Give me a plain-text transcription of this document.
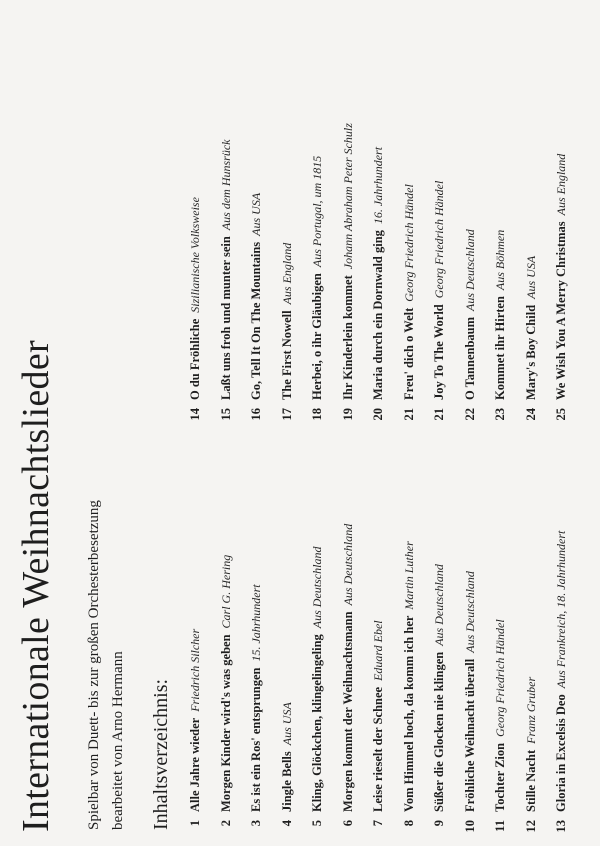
Internationale Weihnachtslieder Spielbar von Duett- bis zur großen Orchesterbesetzung bearbeitet von Arno Hermann Inhaltsverzeichnis: 1
Alle Jahre wiederFriedrich Silcher
2
Morgen Kinder wird's was gebenCarl G. Hering
3
Es ist ein Ros' entsprungen15. Jahrhundert
4
Jingle BellsAus USA
5
Kling, Glöckchen, klingelingelingAus Deutschland
6
Morgen kommt der WeihnachtsmannAus Deutschland
7
Leise rieselt der SchneeEduard Ebel
8
Vom Himmel hoch, da komm ich herMartin Luther
9
Süßer die Glocken nie klingenAus Deutschland
10
Fröhliche Weihnacht überallAus Deutschland
11
Tochter ZionGeorg Friedrich Händel
12
Stille NachtFranz Gruber
13
Gloria in Excelsis DeoAus Frankreich, 18. Jahrhundert
14
O du FröhlicheSizilianische Volksweise
15
Laßt uns froh und munter seinAus dem Hunsrück
16
Go, Tell It On The MountainsAus USA
17
The First NowellAus England
18
Herbei, o ihr GläubigenAus Portugal, um 1815
19
Ihr Kinderlein kommetJohann Abraham Peter Schulz
20
Maria durch ein Dornwald ging16. Jahrhundert
21
Freu' dich o WeltGeorg Friedrich Händel
21
Joy To The WorldGeorg Friedrich Händel
22
O TannenbaumAus Deutschland
23
Kommet ihr HirtenAus Böhmen
24
Mary's Boy ChildAus USA
25
We Wish You A Merry ChristmasAus England
